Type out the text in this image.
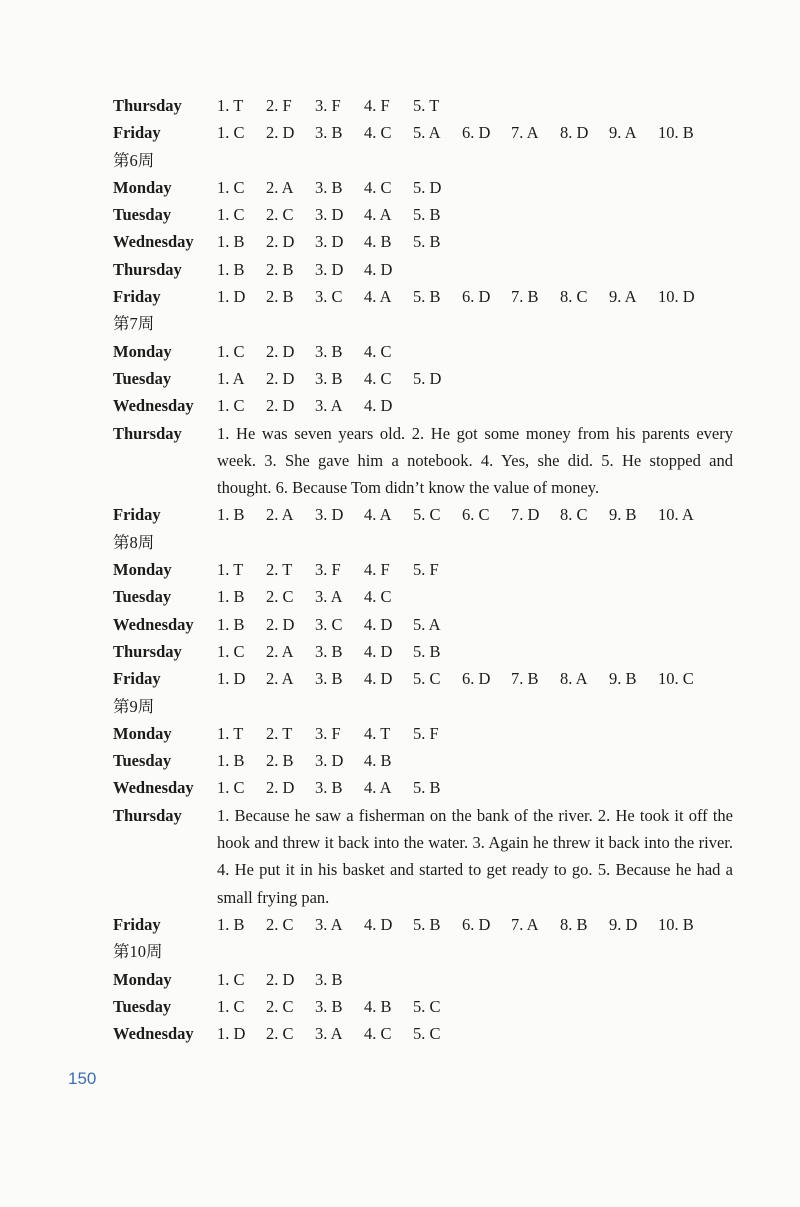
Thursday	1. T	2. F	3. F	4. F	5. T
Friday	1. C	2. D	3. B	4. C	5. A	6. D	7. A	8. D	9. A	10. B
第6周
Monday	1. C	2. A	3. B	4. C	5. D
Tuesday	1. C	2. C	3. D	4. A	5. B
Wednesday	1. B	2. D	3. D	4. B	5. B
Thursday	1. B	2. B	3. D	4. D
Friday	1. D	2. B	3. C	4. A	5. B	6. D	7. B	8. C	9. A	10. D
第7周
Monday	1. C	2. D	3. B	4. C
Tuesday	1. A	2. D	3. B	4. C	5. D
Wednesday	1. C	2. D	3. A	4. D
Thursday	1. He was seven years old. 2. He got some money from his parents every week. 3. She gave him a notebook. 4. Yes, she did. 5. He stopped and thought. 6. Because Tom didn’t know the value of money.
Friday	1. B	2. A	3. D	4. A	5. C	6. C	7. D	8. C	9. B	10. A
第8周
Monday	1. T	2. T	3. F	4. F	5. F
Tuesday	1. B	2. C	3. A	4. C
Wednesday	1. B	2. D	3. C	4. D	5. A
Thursday	1. C	2. A	3. B	4. D	5. B
Friday	1. D	2. A	3. B	4. D	5. C	6. D	7. B	8. A	9. B	10. C
第9周
Monday	1. T	2. T	3. F	4. T	5. F
Tuesday	1. B	2. B	3. D	4. B
Wednesday	1. C	2. D	3. B	4. A	5. B
Thursday	1. Because he saw a fisherman on the bank of the river. 2. He took it off the hook and threw it back into the water. 3. Again he threw it back into the river. 4. He put it in his basket and started to get ready to go. 5. Because he had a small frying pan.
Friday	1. B	2. C	3. A	4. D	5. B	6. D	7. A	8. B	9. D	10. B
第10周
Monday	1. C	2. D	3. B
Tuesday	1. C	2. C	3. B	4. B	5. C
Wednesday	1. D	2. C	3. A	4. C	5. C
150
